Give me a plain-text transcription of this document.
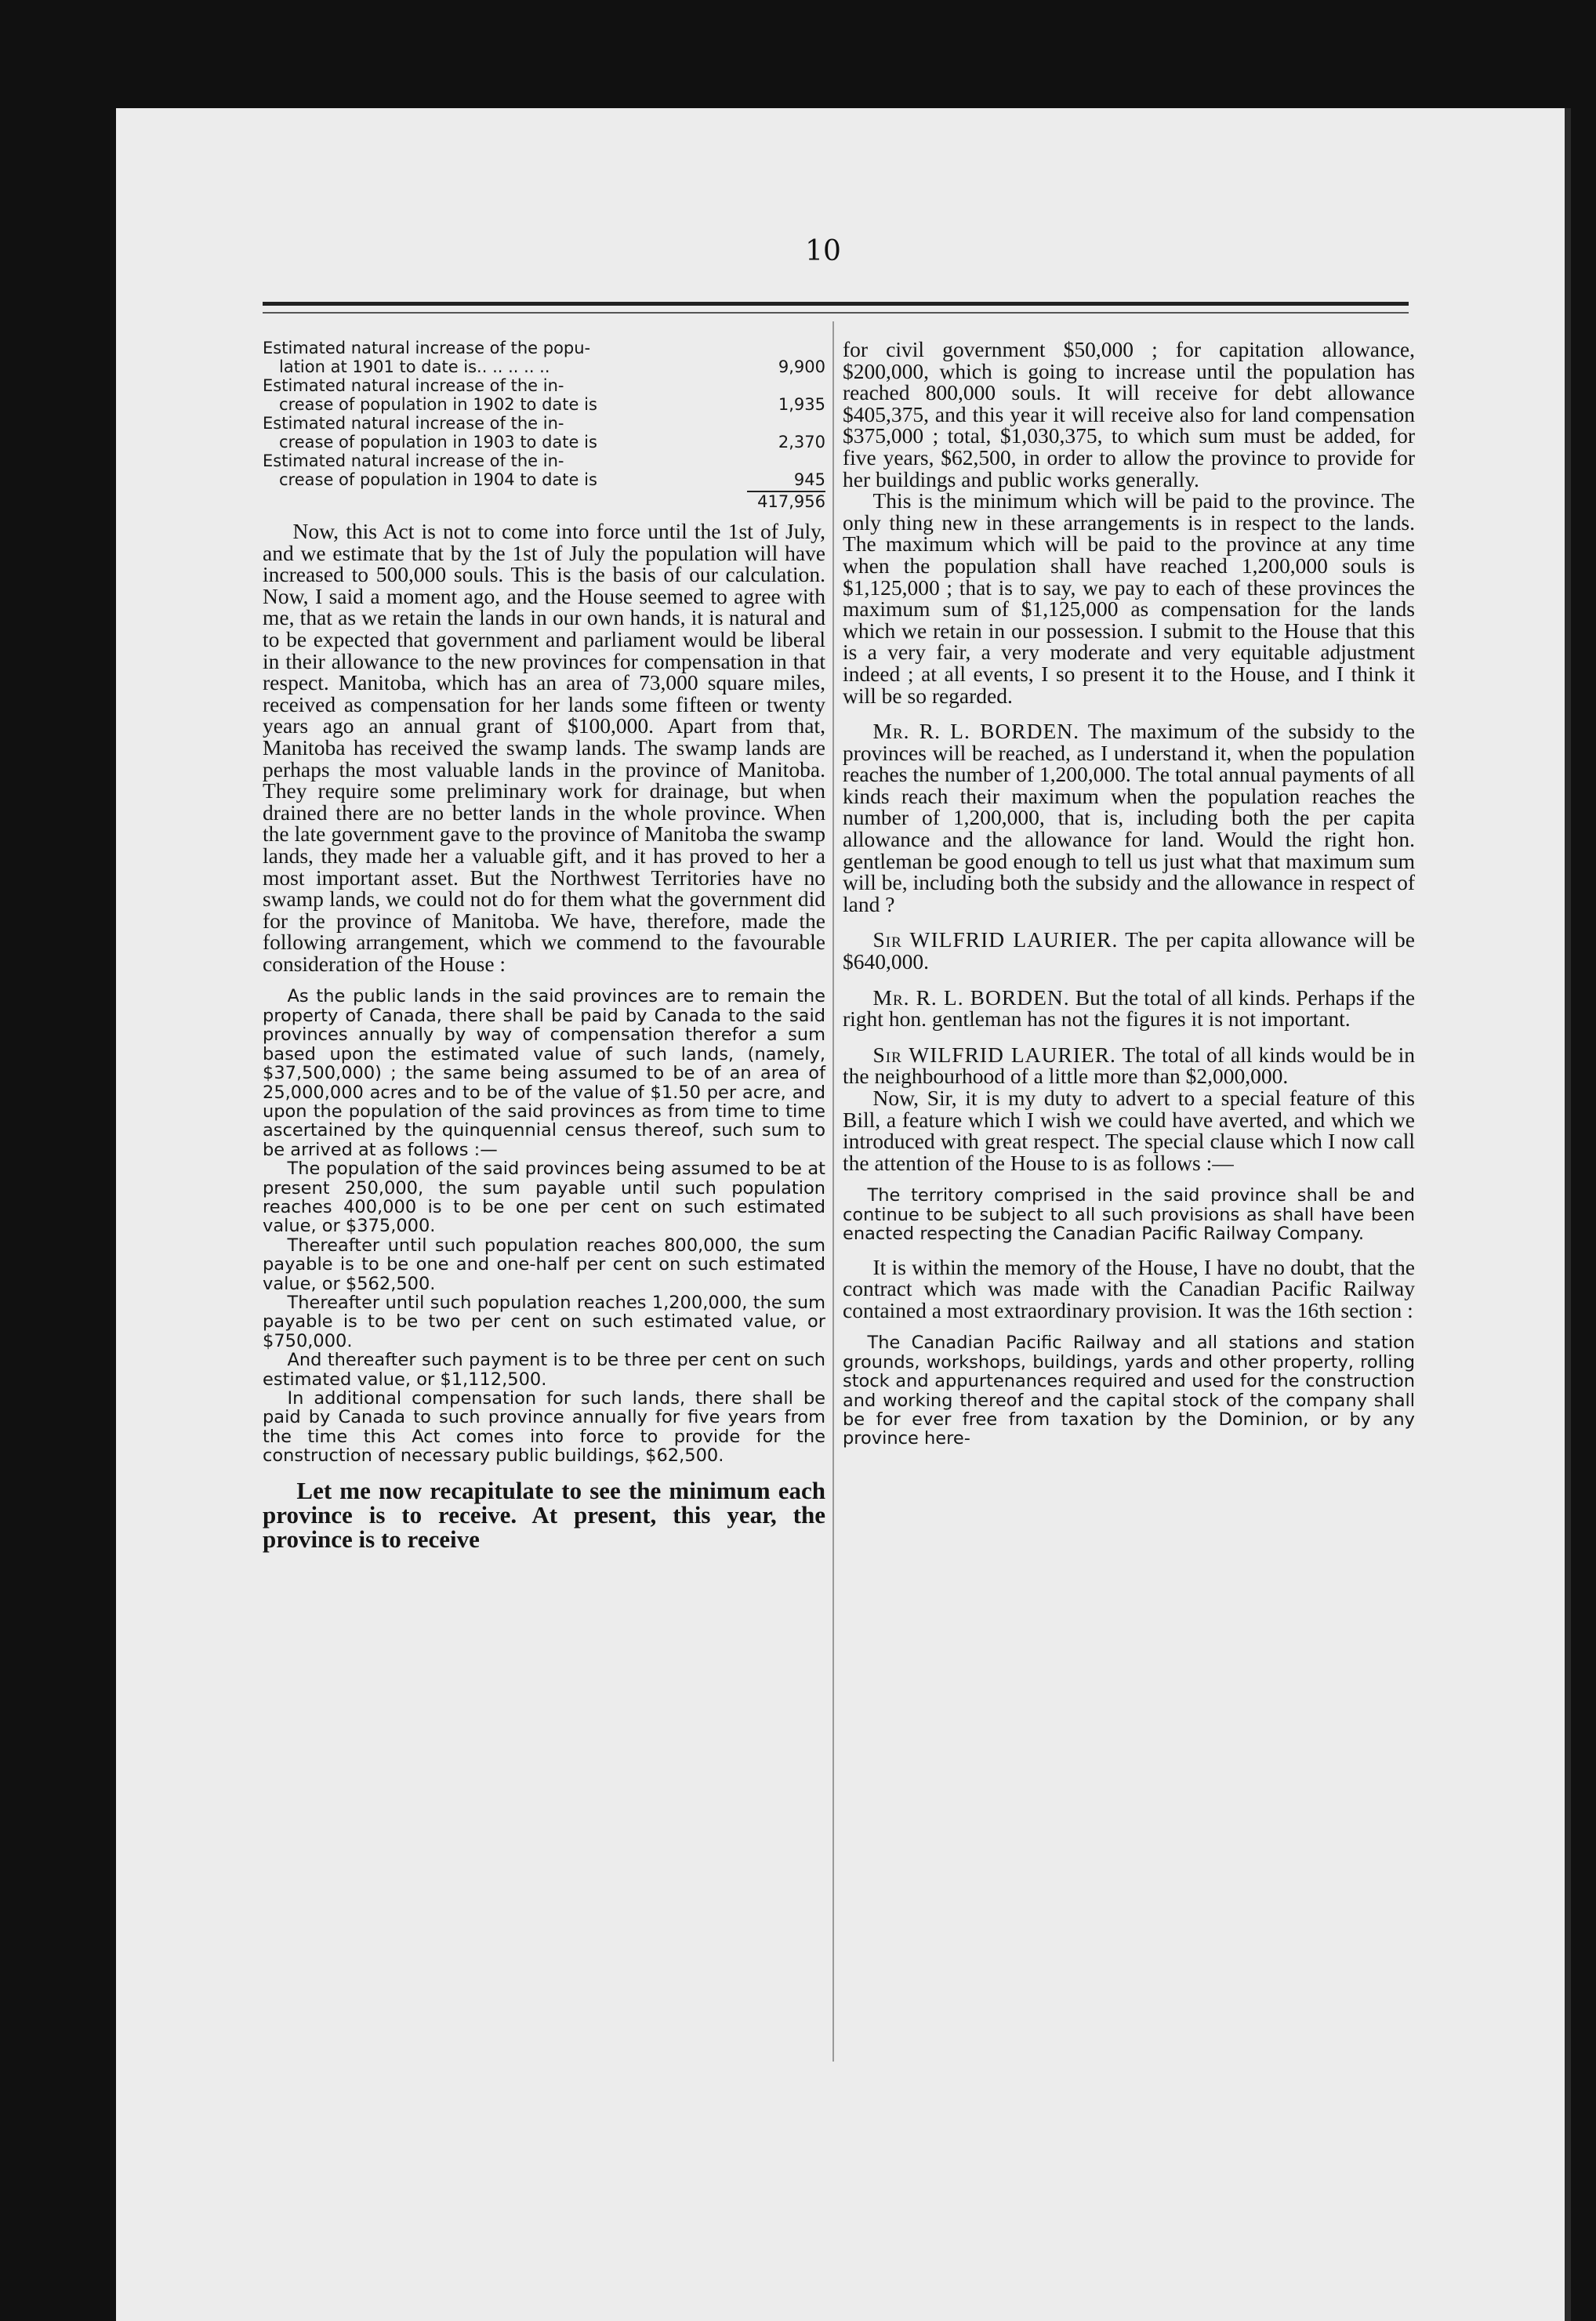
10
Estimated natural increase of the popu-
lation at 1901 to date is.. .. .. .. ..	9,900
Estimated natural increase of the in-
crease of population in 1902 to date is	1,935
Estimated natural increase of the in-
crease of population in 1903 to date is	2,370
Estimated natural increase of the in-
crease of population in 1904 to date is	945
417,956

Now, this Act is not to come into force until the 1st of July, and we estimate that by the 1st of July the population will have increased to 500,000 souls. This is the basis of our calculation. Now, I said a moment ago, and the House seemed to agree with me, that as we retain the lands in our own hands, it is natural and to be expected that government and parliament would be liberal in their allowance to the new provinces for compensation in that respect. Manitoba, which has an area of 73,000 square miles, received as compensation for her lands some fifteen or twenty years ago an annual grant of $100,000. Apart from that, Manitoba has received the swamp lands. The swamp lands are perhaps the most valuable lands in the province of Manitoba. They require some preliminary work for drainage, but when drained there are no better lands in the whole province. When the late government gave to the province of Manitoba the swamp lands, they made her a valuable gift, and it has proved to her a most important asset. But the Northwest Territories have no swamp lands, we could not do for them what the government did for the province of Manitoba. We have, therefore, made the following arrangement, which we commend to the favourable consideration of the House :

As the public lands in the said provinces are to remain the property of Canada, there shall be paid by Canada to the said provinces annually by way of compensation therefor a sum based upon the estimated value of such lands, (namely, $37,500,000) ; the same being assumed to be of an area of 25,000,000 acres and to be of the value of $1.50 per acre, and upon the population of the said provinces as from time to time ascertained by the quinquennial census thereof, such sum to be arrived at as follows :—

The population of the said provinces being assumed to be at present 250,000, the sum payable until such population reaches 400,000 is to be one per cent on such estimated value, or $375,000.

Thereafter until such population reaches 800,000, the sum payable is to be one and one-half per cent on such estimated value, or $562,500.

Thereafter until such population reaches 1,200,000, the sum payable is to be two per cent on such estimated value, or $750,000.

And thereafter such payment is to be three per cent on such estimated value, or $1,112,500.

In additional compensation for such lands, there shall be paid by Canada to such province annually for five years from the time this Act comes into force to provide for the construction of necessary public buildings, $62,500.

Let me now recapitulate to see the minimum each province is to receive. At present, this year, the province is to receive

for civil government $50,000 ; for capitation allowance, $200,000, which is going to increase until the population has reached 800,000 souls. It will receive for debt allowance $405,375, and this year it will receive also for land compensation $375,000 ; total, $1,030,375, to which sum must be added, for five years, $62,500, in order to allow the province to provide for her buildings and public works generally.

This is the minimum which will be paid to the province. The only thing new in these arrangements is in respect to the lands. The maximum which will be paid to the province at any time when the population shall have reached 1,200,000 souls is $1,125,000 ; that is to say, we pay to each of these provinces the maximum sum of $1,125,000 as compensation for the lands which we retain in our possession. I submit to the House that this is a very fair, a very moderate and very equitable adjustment indeed ; at all events, I so present it to the House, and I think it will be so regarded.

Mr. R. L. BORDEN. The maximum of the subsidy to the provinces will be reached, as I understand it, when the population reaches the number of 1,200,000. The total annual payments of all kinds reach their maximum when the population reaches the number of 1,200,000, that is, including both the per capita allowance and the allowance for land. Would the right hon. gentleman be good enough to tell us just what that maximum sum will be, including both the subsidy and the allowance in respect of land ?

Sir WILFRID LAURIER. The per capita allowance will be $640,000.

Mr. R. L. BORDEN. But the total of all kinds. Perhaps if the right hon. gentleman has not the figures it is not important.

Sir WILFRID LAURIER. The total of all kinds would be in the neighbourhood of a little more than $2,000,000.

Now, Sir, it is my duty to advert to a special feature of this Bill, a feature which I wish we could have averted, and which we introduced with great respect. The special clause which I now call the attention of the House to is as follows :—

The territory comprised in the said province shall be and continue to be subject to all such provisions as shall have been enacted respecting the Canadian Pacific Railway Company.

It is within the memory of the House, I have no doubt, that the contract which was made with the Canadian Pacific Railway contained a most extraordinary provision. It was the 16th section :

The Canadian Pacific Railway and all stations and station grounds, workshops, buildings, yards and other property, rolling stock and appurtenances required and used for the construction and working thereof and the capital stock of the company shall be for ever free from taxation by the Dominion, or by any province here-
